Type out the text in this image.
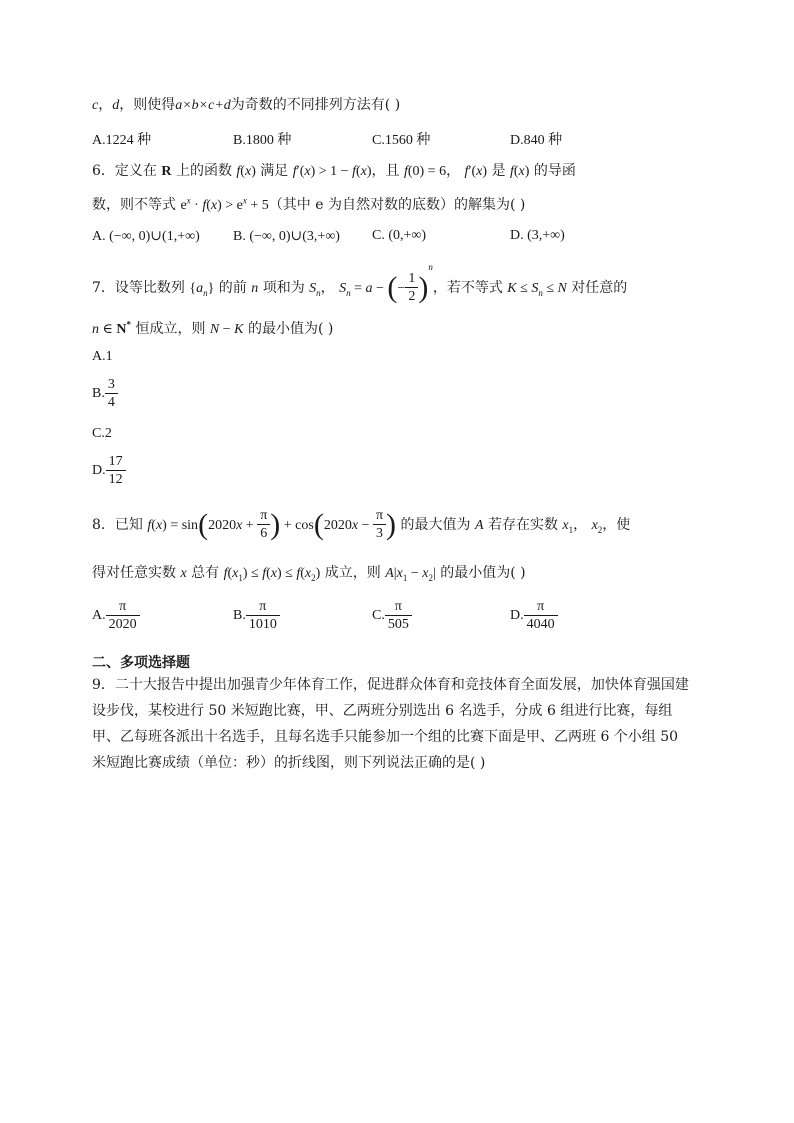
c，d，则使得a×b×c+d为奇数的不同排列方法有( )
A.1224 种	B.1800 种	C.1560 种	D.840 种
6．定义在 R 上的函数 f(x) 满足 f′(x) > 1 − f(x)，且 f(0) = 6， f′(x) 是 f(x) 的导函
数，则不等式 $e^x \cdot f(x) > e^x + 5$（其中 e 为自然对数的底数）的解集为( )
A. (−∞, 0)∪(1,+∞) B. (−∞, 0)∪(3,+∞) C. (0,+∞)	D. (3,+∞)
7．设等比数列 $\{a_n\}$ 的前 n 项和为 $S_n$， $S_n = a$ − (− $\frac{1}{2} )^n$，若不等式 $K \le S_n \le N$ 对任意的
n ∈ N* 恒成立，则 N − K 的最小值为( )
A.1
B. $\frac{3}{4}$
C.2
D. $\frac{17}{12}$
8．已知 $f(x) = \sin(2020x + \frac{\pi}{6}$ ) + $\cos(2020x - \frac{\pi}{3}$ ) 的最大值为 A 若存在实数 $x_1$， $x_2$，使
得对任意实数 x 总有 $f(x_1) \le f(x) \le f(x_2)$ 成立，则 $A|x_1 - x_2|$ 的最小值为( )
A. $\frac{\pi}{2020}$	B. $\frac{\pi}{1010}$	C. $\frac{\pi}{505}$	D. $\frac{\pi}{4040}$
二、多项选择题
9．二十大报告中提出加强青少年体育工作，促进群众体育和竞技体育全面发展，加快体育强国建设步伐，某校进行 50 米短跑比赛，甲、乙两班分别选出 6 名选手，分成 6 组进行比赛，每组甲、乙每班各派出十名选手，且每名选手只能参加一个组的比赛下面是甲、乙两班 6 个小组 50 米短跑比赛成绩（单位：秒）的折线图，则下列说法正确的是( )
